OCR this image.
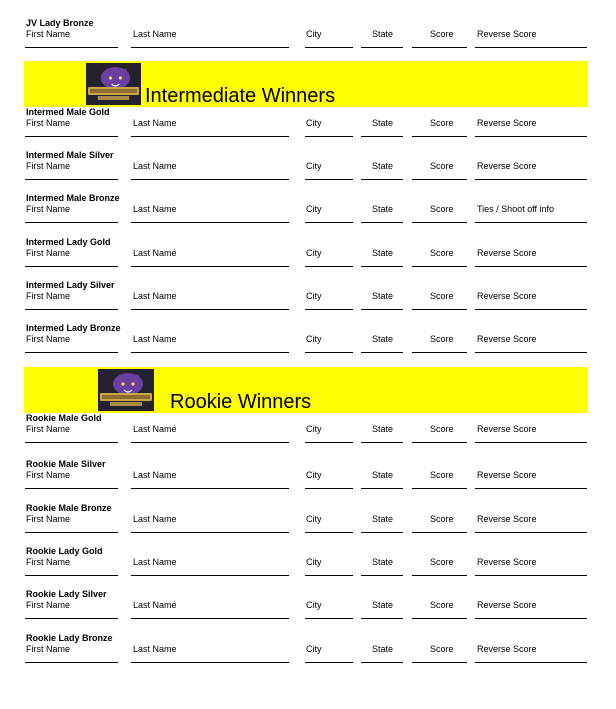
JV Lady Bronze
First Name	Last Name	City	State	Score	Reverse Score
Intermediate Winners
Intermed Male Gold
First Name	Last Name	City	State	Score	Reverse Score
Intermed Male Silver
First Name	Last Name	City	State	Score	Reverse Score
Intermed Male Bronze
First Name	Last Name	City	State	Score	Ties / Shoot off info
Intermed Lady Gold
First Name	Last Name	City	State	Score	Reverse Score
Intermed Lady Silver
First Name	Last Name	City	State	Score	Reverse Score
Intermed Lady Bronze
First Name	Last Name	City	State	Score	Reverse Score
Rookie Winners
Rookie Male Gold
First Name	Last Name	City	State	Score	Reverse Score
Rookie Male Silver
First Name	Last Name	City	State	Score	Reverse Score
Rookie Male Bronze
First Name	Last Name	City	State	Score	Reverse Score
Rookie Lady Gold
First Name	Last Name	City	State	Score	Reverse Score
Rookie Lady Silver
First Name	Last Name	City	State	Score	Reverse Score
Rookie Lady Bronze
First Name	Last Name	City	State	Score	Reverse Score
